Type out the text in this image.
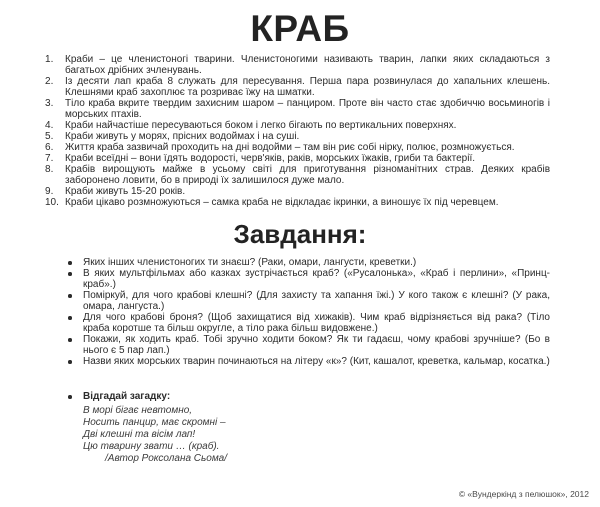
КРАБ
Краби – це членистоногі тварини. Членистоногими називають тварин, лапки яких складаються з багатьох дрібних зчленувань.
Із десяти лап краба 8 служать для пересування. Перша пара розвинулася до хапальних клешень. Клешнями краб захоплює та розриває їжу на шматки.
Тіло краба вкрите твердим захисним шаром – панциром. Проте він часто стає здобиччю восьминогів і морських птахів.
Краби найчастіше пересуваються боком і легко бігають по вертикальних поверхнях.
Краби живуть у морях, прісних водоймах і на суші.
Життя краба зазвичай проходить на дні водойми – там він риє собі нірку, полює, розмножується.
Краби всеїдні – вони їдять водорості, черв'яків, раків, морських їжаків, гриби та бактерії.
Крабів вирощують майже в усьому світі для приготування різноманітних страв. Деяких крабів заборонено ловити, бо в природі їх залишилося дуже мало.
Краби живуть 15-20 років.
Краби цікаво розмножуються – самка краба не відкладає ікринки, а виношує їх під черевцем.
Завдання:
Яких інших членистоногих ти знаєш? (Раки, омари, лангусти, креветки.)
В яких мультфільмах або казках зустрічається краб? («Русалонька», «Краб і перлини», «Принц-краб».)
Поміркуй, для чого крабові клешні? (Для захисту та хапання їжі.) У кого також є клешні? (У рака, омара, лангуста.)
Для чого крабові броня? (Щоб захищатися від хижаків). Чим краб відрізняється від рака? (Тіло краба коротше та більш округле, а тіло рака більш видовжене.)
Покажи, як ходить краб. Тобі зручно ходити боком? Як ти гадаєш, чому крабові зручніше? (Бо в нього є 5 пар лап.)
Назви яких морських тварин починаються на літеру «к»? (Кит, кашалот, креветка, кальмар, косатка.)
Відгадай загадку:
В морі бігає невтомно,
Носить панцир, має скромні –
Дві клешні та вісім лап!
Цю тварину звати … (краб).
/Автор Роксолана Сьома/
© «Вундеркінд з пелюшок», 2012
